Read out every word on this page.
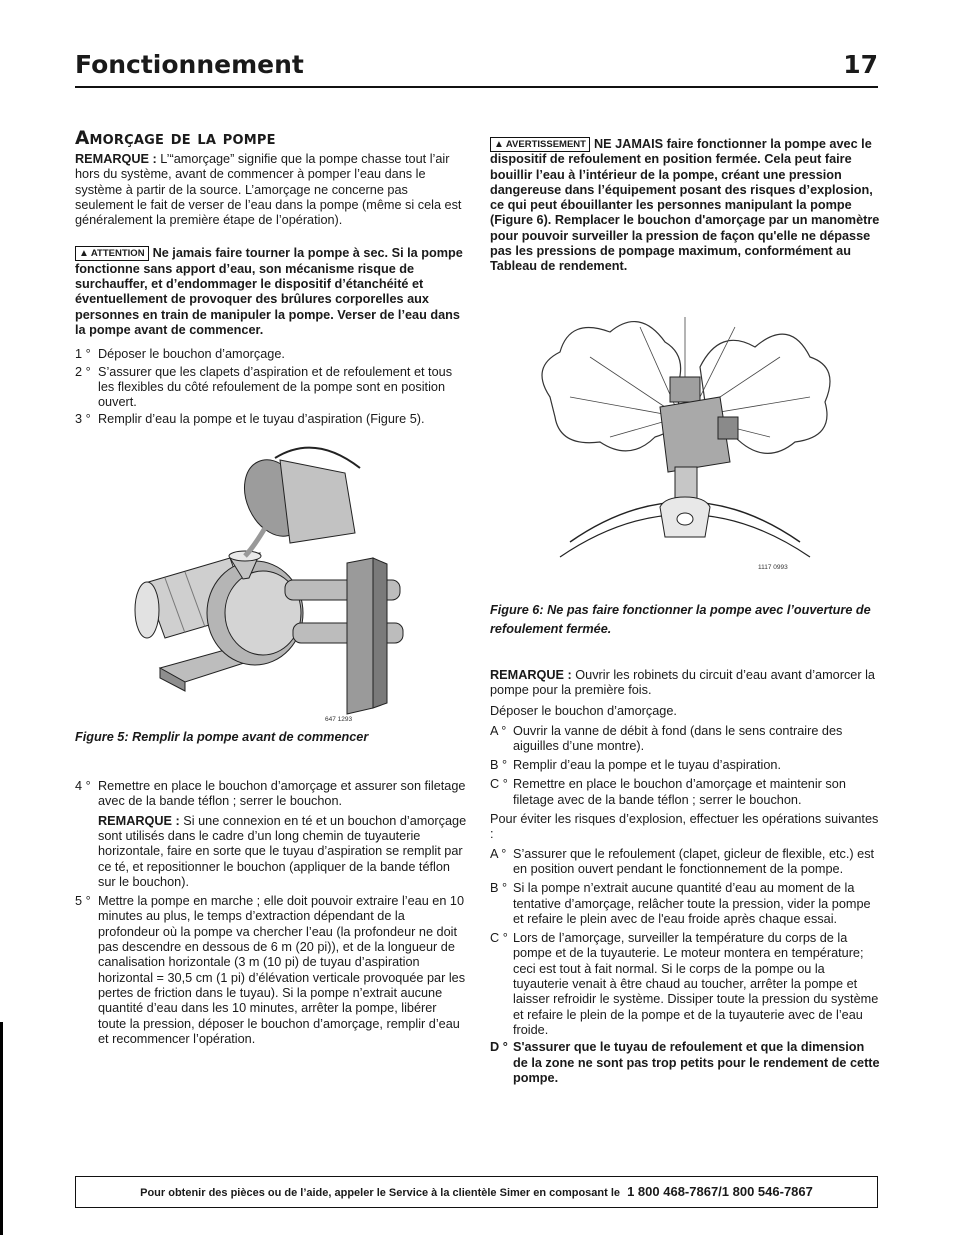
Fonctionnement	17
Amorçage de la pompe

REMARQUE : L’“amorçage” signifie que la pompe chasse tout l’air hors du système, avant de commencer à pomper l’eau dans le système à partir de la source. L’amorçage ne concerne pas seulement le fait de verser de l’eau dans la pompe (même si cela est généralement la première étape de l’opération).

▲ ATTENTION Ne jamais faire tourner la pompe à sec. Si la pompe fonctionne sans apport d’eau, son mécanisme risque de surchauffer, et d’endommager le dispositif d’étanchéité et éventuellement de provoquer des brûlures corporelles aux personnes en train de manipuler la pompe. Verser de l’eau dans la pompe avant de commencer.

1 ° Déposer le bouchon d’amorçage.
2 ° S’assurer que les clapets d’aspiration et de refoulement et tous les flexibles du côté refoulement de la pompe sont en position ouvert.
3 ° Remplir d’eau la pompe et le tuyau d’aspiration (Figure 5).
647 1293

Figure 5: Remplir la pompe avant de commencer

4 ° Remettre en place le bouchon d’amorçage et assurer son filetage avec de la bande téflon ; serrer le bouchon.
REMARQUE : Si une connexion en té et un bouchon d’amorçage sont utilisés dans le cadre d’un long chemin de tuyauterie horizontale, faire en sorte que le tuyau d’aspiration se remplit par ce té, et repositionner le bouchon (appliquer de la bande téflon sur le bouchon).
5 ° Mettre la pompe en marche ; elle doit pouvoir extraire l’eau en 10 minutes au plus, le temps d’extraction dépendant de la profondeur où la pompe va chercher l’eau (la profondeur ne doit pas descendre en dessous de 6 m (20 pi)), et de la longueur de canalisation horizontale (3 m (10 pi) de tuyau d’aspiration horizontal = 30,5 cm (1 pi) d’élévation verticale provoquée par les pertes de friction dans le tuyau). Si la pompe n’extrait aucune quantité d’eau dans les 10 minutes, arrêter la pompe, libérer toute la pression, déposer le bouchon d’amorçage, remplir d’eau et recommencer l’opération.

▲ AVERTISSEMENT NE JAMAIS faire fonctionner la pompe avec le dispositif de refoulement en position fermée. Cela peut faire bouillir l’eau à l’intérieur de la pompe, créant une pression dangereuse dans l’équipement posant des risques d’explosion, ce qui peut ébouillanter les personnes manipulant la pompe (Figure 6). Remplacer le bouchon d'amorçage par un manomètre pour pouvoir surveiller la pression de façon qu'elle ne dépasse pas les pressions de pompage maximum, conformément au Tableau de rendement.

1117 0993

Figure 6: Ne pas faire fonctionner la pompe avec l’ouverture de refoulement fermée.

REMARQUE : Ouvrir les robinets du circuit d’eau avant d’amorcer la pompe pour la première fois.

Déposer le bouchon d’amorçage.

A ° Ouvrir la vanne de débit à fond (dans le sens contraire des aiguilles d’une montre).
B ° Remplir d’eau la pompe et le tuyau d’aspiration.
C ° Remettre en place le bouchon d’amorçage et maintenir son filetage avec de la bande téflon ; serrer le bouchon.

Pour éviter les risques d’explosion, effectuer les opérations suivantes :

A ° S’assurer que le refoulement (clapet, gicleur de flexible, etc.) est en position ouvert pendant le fonctionnement de la pompe.
B ° Si la pompe n’extrait aucune quantité d’eau au moment de la tentative d’amorçage, relâcher toute la pression, vider la pompe et refaire le plein avec de l'eau froide après chaque essai.
C ° Lors de l’amorçage, surveiller la température du corps de la pompe et de la tuyauterie. Le moteur montera en température; ceci est tout à fait normal. Si le corps de la pompe ou la tuyauterie venait à être chaud au toucher, arrêter la pompe et laisser refroidir le système. Dissiper toute la pression du système et refaire le plein de la pompe et de la tuyauterie avec de l’eau froide.
D ° S'assurer que le tuyau de refoulement et que la dimension de la zone ne sont pas trop petits pour le rendement de cette pompe.
Pour obtenir des pièces ou de l’aide, appeler le Service à la clientèle Simer en composant le 1 800 468-7867/1 800 546-7867
